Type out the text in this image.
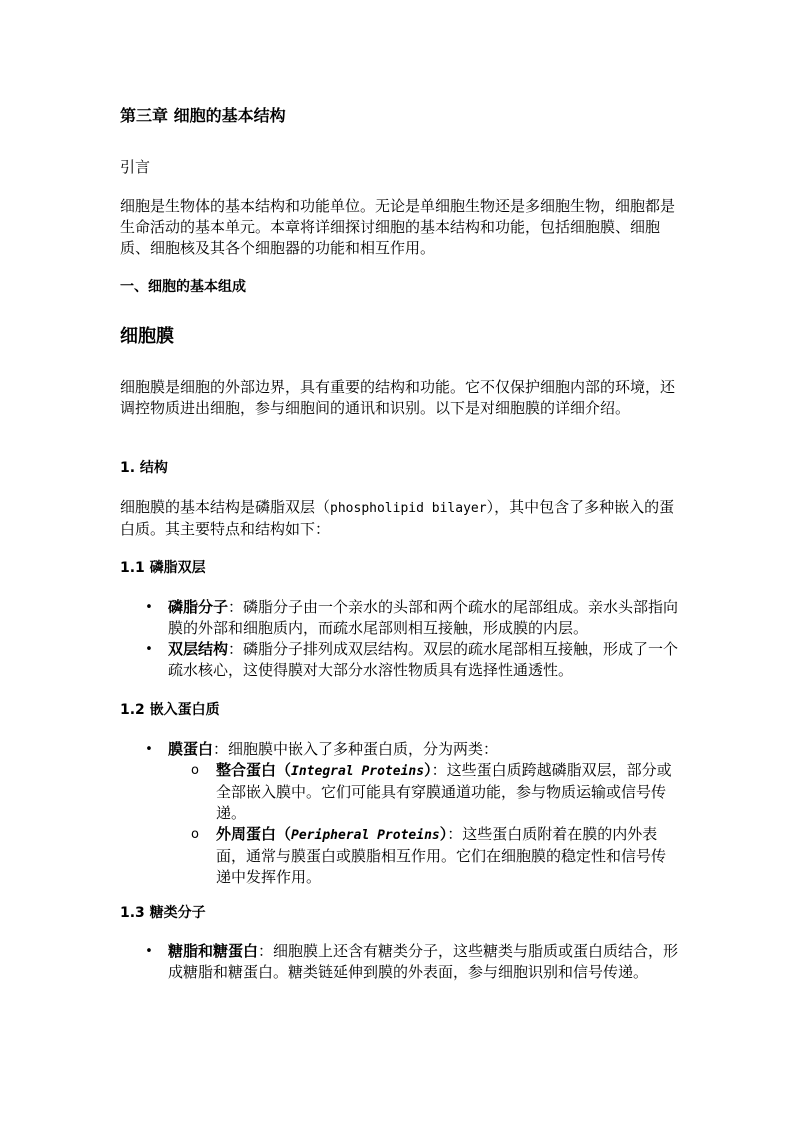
第三章 细胞的基本结构
引言

细胞是生物体的基本结构和功能单位。无论是单细胞生物还是多细胞生物，细胞都是生命活动的基本单元。本章将详细探讨细胞的基本结构和功能，包括细胞膜、细胞质、细胞核及其各个细胞器的功能和相互作用。

一、细胞的基本组成
细胞膜

细胞膜是细胞的外部边界，具有重要的结构和功能。它不仅保护细胞内部的环境，还调控物质进出细胞，参与细胞间的通讯和识别。以下是对细胞膜的详细介绍。

1. 结构

细胞膜的基本结构是磷脂双层（phospholipid bilayer），其中包含了多种嵌入的蛋白质。其主要特点和结构如下：

1.1 磷脂双层
• 磷脂分子：磷脂分子由一个亲水的头部和两个疏水的尾部组成。亲水头部指向膜的外部和细胞质内，而疏水尾部则相互接触，形成膜的内层。
• 双层结构：磷脂分子排列成双层结构。双层的疏水尾部相互接触，形成了一个疏水核心，这使得膜对大部分水溶性物质具有选择性通透性。
1.2 嵌入蛋白质
• 膜蛋白：细胞膜中嵌入了多种蛋白质，分为两类：
o 整合蛋白（Integral Proteins）：这些蛋白质跨越磷脂双层，部分或全部嵌入膜中。它们可能具有穿膜通道功能，参与物质运输或信号传递。
o 外周蛋白（Peripheral Proteins）：这些蛋白质附着在膜的内外表面，通常与膜蛋白或膜脂相互作用。它们在细胞膜的稳定性和信号传递中发挥作用。
1.3 糖类分子
• 糖脂和糖蛋白：细胞膜上还含有糖类分子，这些糖类与脂质或蛋白质结合，形成糖脂和糖蛋白。糖类链延伸到膜的外表面，参与细胞识别和信号传递。
